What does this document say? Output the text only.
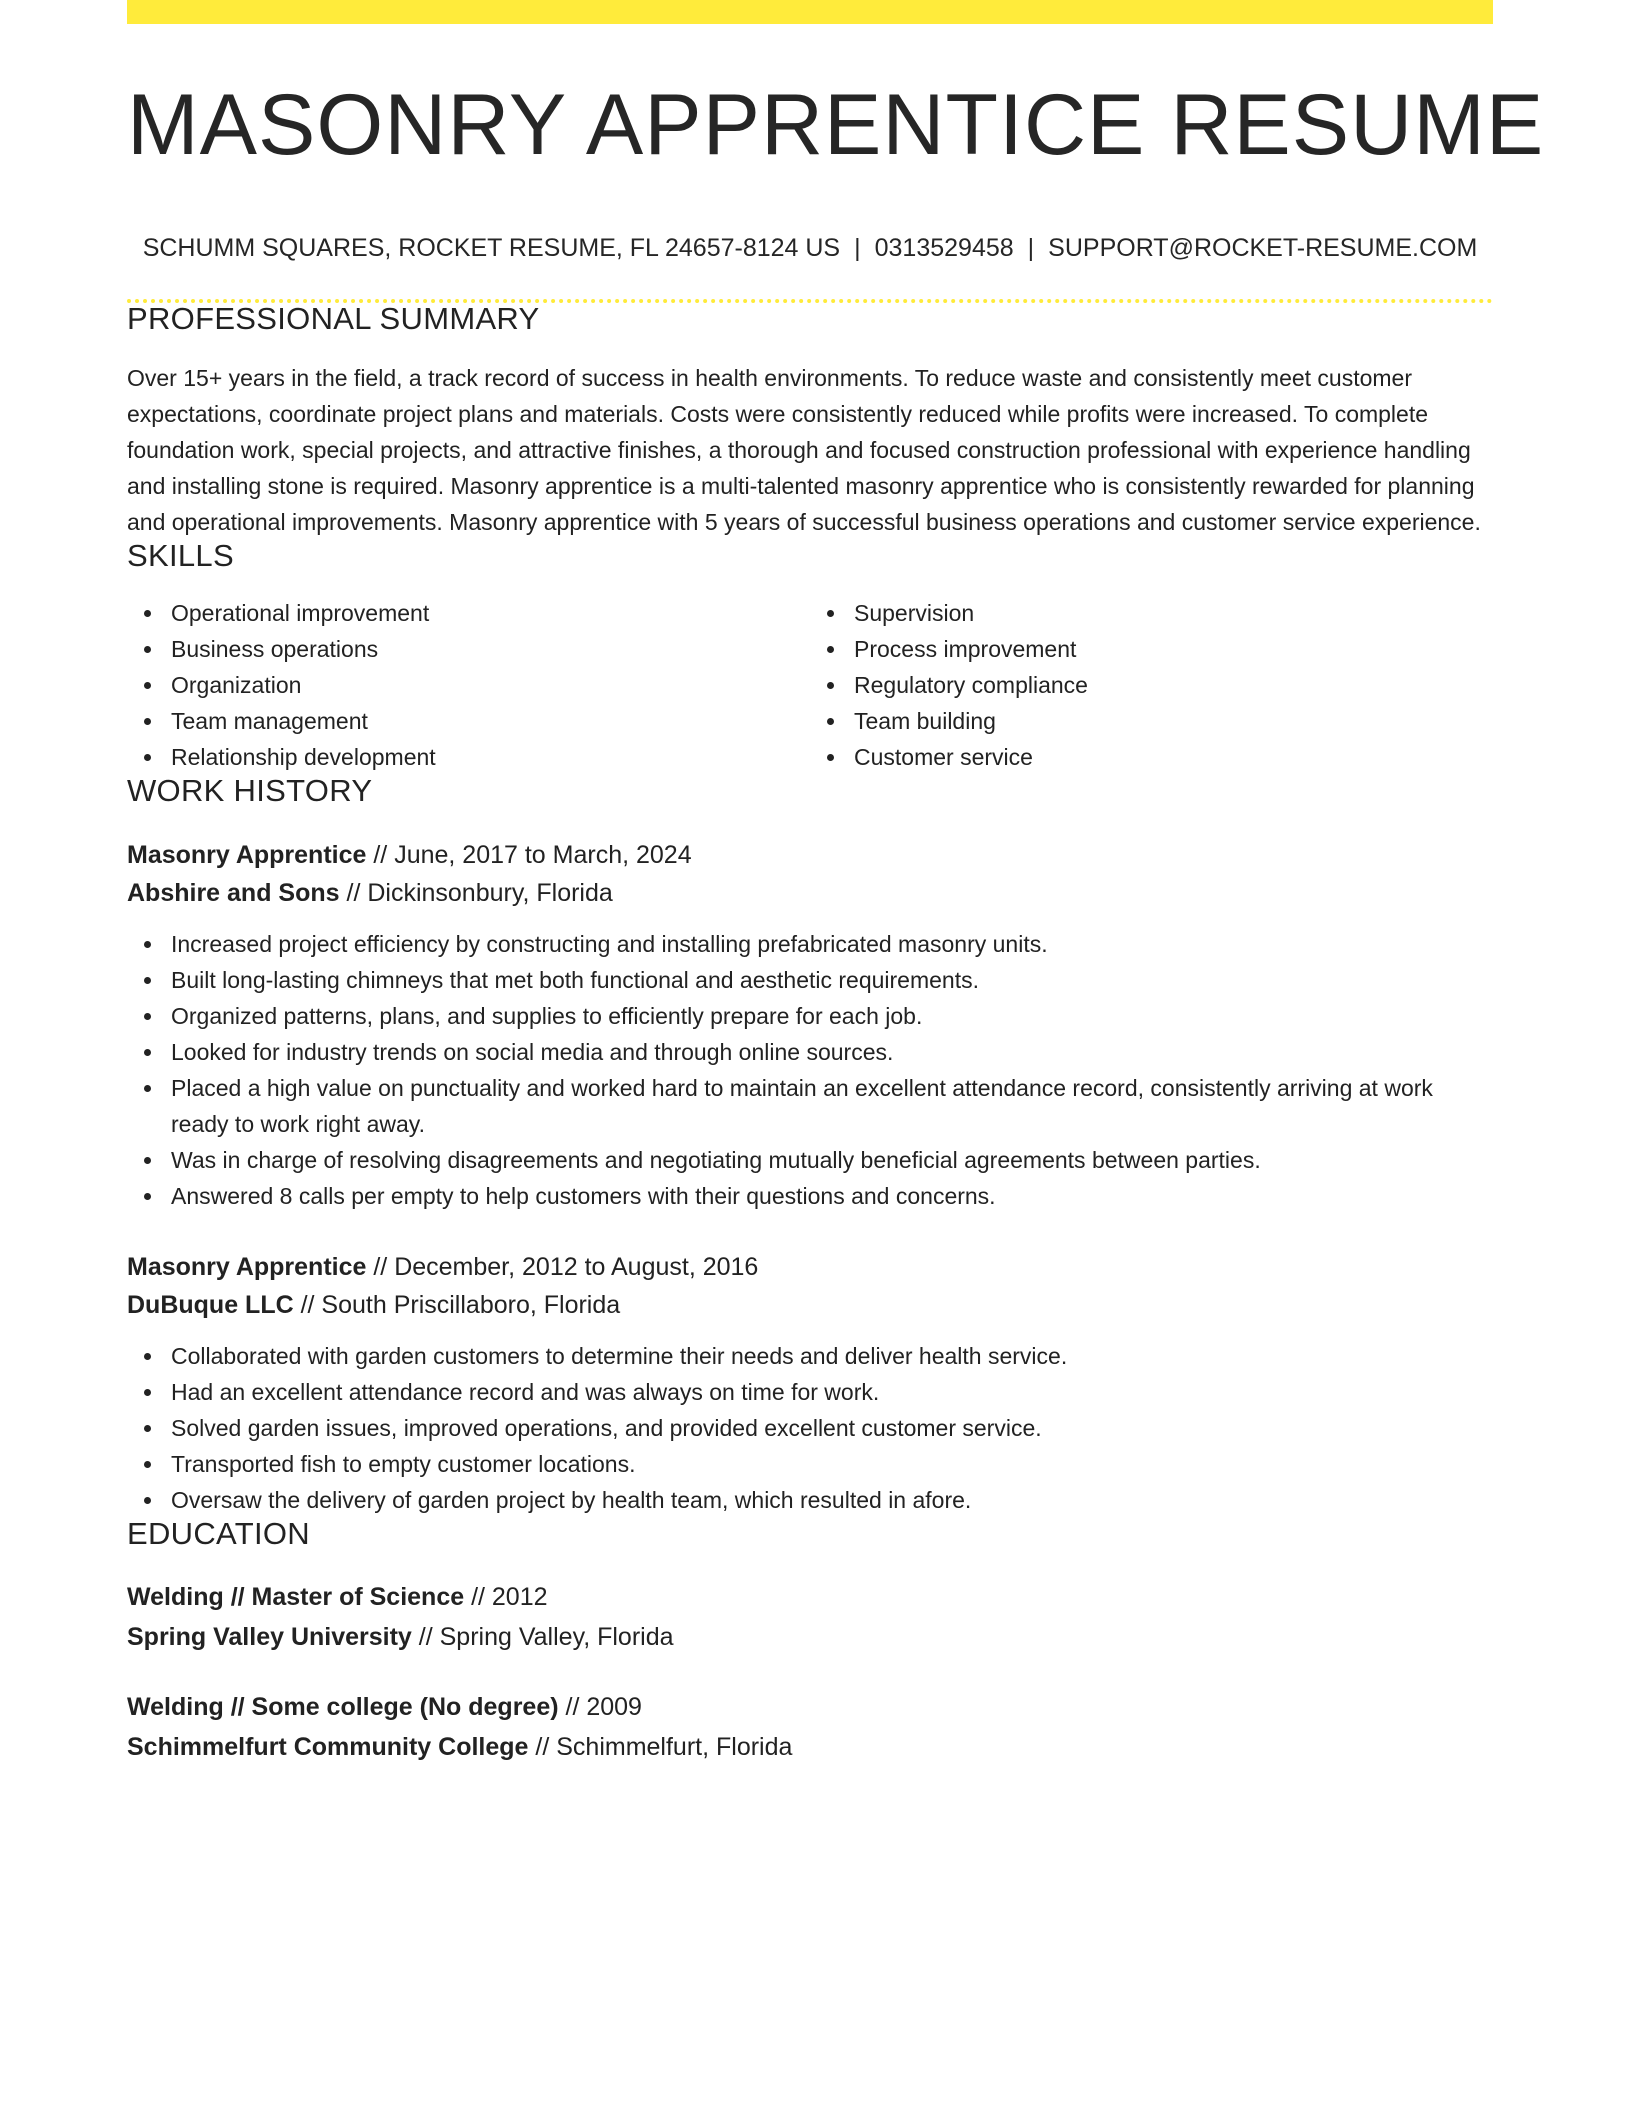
MASONRY APPRENTICE RESUME
SCHUMM SQUARES, ROCKET RESUME, FL 24657-8124 US | 0313529458 | SUPPORT@ROCKET-RESUME.COM
PROFESSIONAL SUMMARY

Over 15+ years in the field, a track record of success in health environments. To reduce waste and consistently meet customer expectations, coordinate project plans and materials. Costs were consistently reduced while profits were increased. To complete foundation work, special projects, and attractive finishes, a thorough and focused construction professional with experience handling and installing stone is required. Masonry apprentice is a multi-talented masonry apprentice who is consistently rewarded for planning and operational improvements. Masonry apprentice with 5 years of successful business operations and customer service experience.

SKILLS
Operational improvement
Business operations
Organization
Team management
Relationship development
Supervision
Process improvement
Regulatory compliance
Team building
Customer service
WORK HISTORY
Masonry Apprentice // June, 2017 to March, 2024
Abshire and Sons // Dickinsonbury, Florida
Increased project efficiency by constructing and installing prefabricated masonry units.
Built long-lasting chimneys that met both functional and aesthetic requirements.
Organized patterns, plans, and supplies to efficiently prepare for each job.
Looked for industry trends on social media and through online sources.
Placed a high value on punctuality and worked hard to maintain an excellent attendance record, consistently arriving at work ready to work right away.
Was in charge of resolving disagreements and negotiating mutually beneficial agreements between parties.
Answered 8 calls per empty to help customers with their questions and concerns.
Masonry Apprentice // December, 2012 to August, 2016
DuBuque LLC // South Priscillaboro, Florida
Collaborated with garden customers to determine their needs and deliver health service.
Had an excellent attendance record and was always on time for work.
Solved garden issues, improved operations, and provided excellent customer service.
Transported fish to empty customer locations.
Oversaw the delivery of garden project by health team, which resulted in afore.
EDUCATION
Welding // Master of Science // 2012
Spring Valley University // Spring Valley, Florida
Welding // Some college (No degree) // 2009
Schimmelfurt Community College // Schimmelfurt, Florida
